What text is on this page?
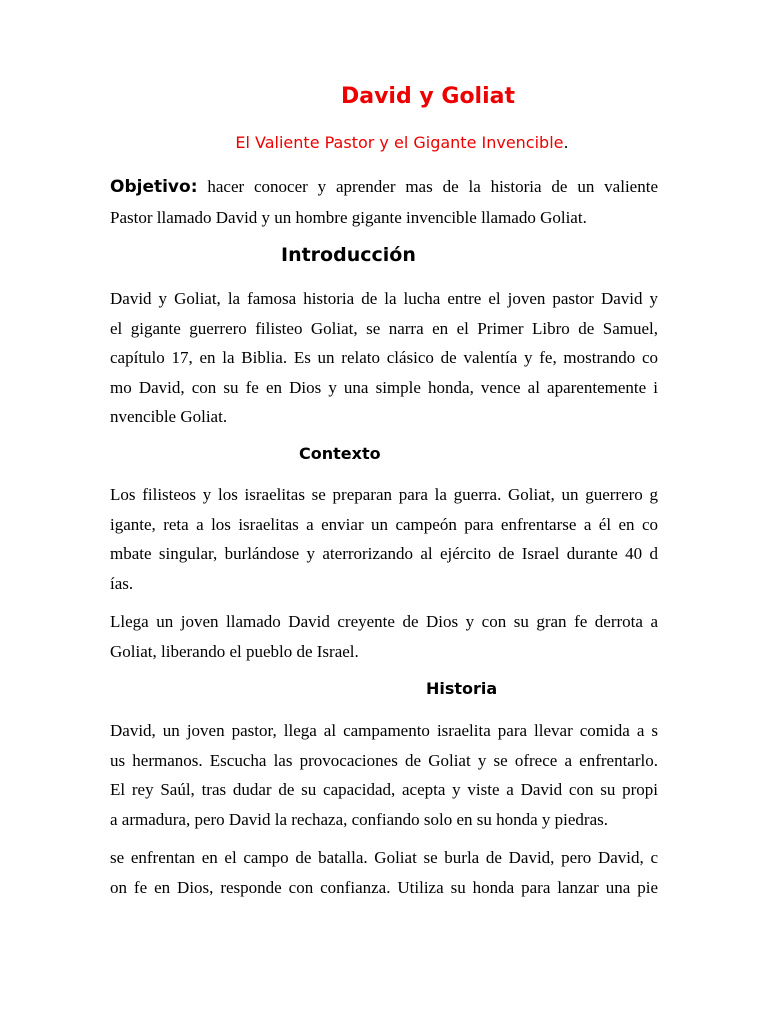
David y Goliat

El Valiente Pastor y el Gigante Invencible.

Objetivo: hacer conocer y aprender mas de la historia de un valiente
Pastor llamado David y un hombre gigante invencible llamado Goliat.

Introducción

David y Goliat, la famosa historia de la lucha entre el joven pastor David y
el gigante guerrero filisteo Goliat, se narra en el Primer Libro de Samuel,
capítulo 17, en la Biblia. Es un relato clásico de valentía y fe, mostrando co
mo David, con su fe en Dios y una simple honda, vence al aparentemente i
nvencible Goliat.

Contexto

Los filisteos y los israelitas se preparan para la guerra. Goliat, un guerrero g
igante, reta a los israelitas a enviar un campeón para enfrentarse a él en co
mbate singular, burlándose y aterrorizando al ejército de Israel durante 40 d
ías.

Llega un joven llamado David creyente de Dios y con su gran fe derrota a
Goliat, liberando el pueblo de Israel.

Historia

David, un joven pastor, llega al campamento israelita para llevar comida a s
us hermanos. Escucha las provocaciones de Goliat y se ofrece a enfrentarlo.
El rey Saúl, tras dudar de su capacidad, acepta y viste a David con su propi
a armadura, pero David la rechaza, confiando solo en su honda y piedras.

se enfrentan en el campo de batalla. Goliat se burla de David, pero David, c
on fe en Dios, responde con confianza. Utiliza su honda para lanzar una pie
